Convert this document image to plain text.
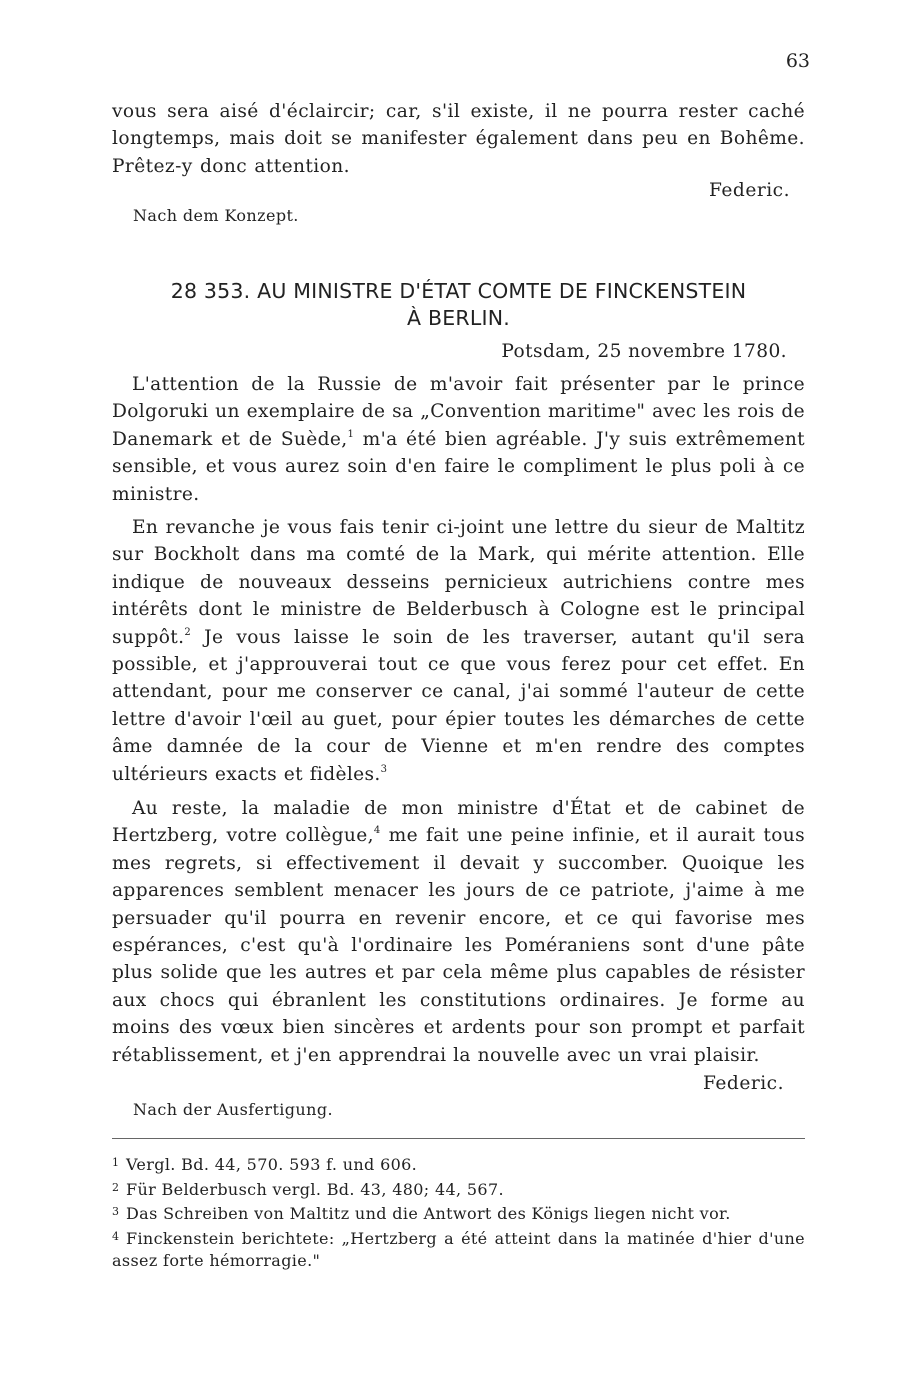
63
vous sera aisé d'éclaircir; car, s'il existe, il ne pourra rester caché longtemps, mais doit se manifester également dans peu en Bohême. Prêtez-y donc attention.
Federic.
Nach dem Konzept.
28 353. AU MINISTRE D'ÉTAT COMTE DE FINCKENSTEIN
À BERLIN.
Potsdam, 25 novembre 1780.
L'attention de la Russie de m'avoir fait présenter par le prince Dolgoruki un exemplaire de sa „Convention maritime" avec les rois de Danemark et de Suède,$^1$ m'a été bien agréable. J'y suis extrêmement sensible, et vous aurez soin d'en faire le compliment le plus poli à ce ministre.
En revanche je vous fais tenir ci-joint une lettre du sieur de Maltitz sur Bockholt dans ma comté de la Mark, qui mérite attention. Elle indique de nouveaux desseins pernicieux autrichiens contre mes intérêts dont le ministre de Belderbusch à Cologne est le principal suppôt.$^2$ Je vous laisse le soin de les traverser, autant qu'il sera possible, et j'approuverai tout ce que vous ferez pour cet effet. En attendant, pour me conserver ce canal, j'ai sommé l'auteur de cette lettre d'avoir l'œil au guet, pour épier toutes les démarches de cette âme damnée de la cour de Vienne et m'en rendre des comptes ultérieurs exacts et fidèles.$^3$
Au reste, la maladie de mon ministre d'État et de cabinet de Hertzberg, votre collègue,$^4$ me fait une peine infinie, et il aurait tous mes regrets, si effectivement il devait y succomber. Quoique les apparences semblent menacer les jours de ce patriote, j'aime à me persuader qu'il pourra en revenir encore, et ce qui favorise mes espérances, c'est qu'à l'ordinaire les Poméraniens sont d'une pâte plus solide que les autres et par cela même plus capables de résister aux chocs qui ébranlent les constitutions ordinaires. Je forme au moins des vœux bien sincères et ardents pour son prompt et parfait rétablissement, et j'en apprendrai la nouvelle avec un vrai plaisir.
Federic.
Nach der Ausfertigung.
1 Vergl. Bd. 44, 570. 593 f. und 606.
2 Für Belderbusch vergl. Bd. 43, 480; 44, 567.
3 Das Schreiben von Maltitz und die Antwort des Königs liegen nicht vor.
4 Finckenstein berichtete: „Hertzberg a été atteint dans la matinée d'hier d'une assez forte hémorragie."
